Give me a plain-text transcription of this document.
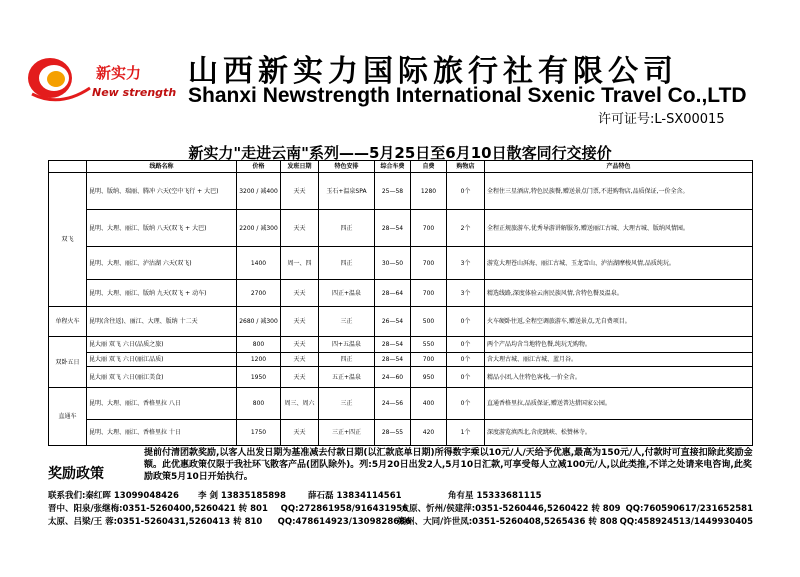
新实力
New strength
山西新实力国际旅行社有限公司
Shanxi Newstrength International Sxenic Travel Co.,LTD
许可证号:L-SX00015
新实力"走进云南"系列——5月25日至6月10日散客同行交接价
	线路名称	价格	发班日期	特色安排	综合车费	自费	购物店	产品特色
双飞	昆明、版纳、瑞丽、腾冲 六天(空中飞行 + 大巴)	3200 / 减400	天天	玉石+温泉SPA	25—58	1280	0个	全程住三星酒店,特色民族餐,赠送景点门票,不进购物店,品质保证,一价全含。
	昆明、大理、丽江、版纳 八天(双飞 + 大巴)	2200 / 减300	天天	四正	28—54	700	2个	全程正规旅游车,优秀导游讲解服务,赠送丽江古城、大理古城、版纳风情园。
	昆明、大理、丽江、泸沽湖 六天(双飞)	1400	周一、四	四正	30—50	700	3个	游览大理苍山洱海、丽江古城、玉龙雪山、泸沽湖摩梭风情,品质纯玩。
	昆明、大理、丽江、版纳 九天(双飞 + 动车)	2700	天天	四正+温泉	28—64	700	3个	精选线路,深度体验云南民族风情,含特色餐及温泉。
单程火车	昆明(含往返)、丽江、大理、版纳 十二天	2680 / 减300	天天	三正	26—54	500	0个	火车硬卧往返,全程空调旅游车,赠送景点,无自费项目。
双卧五日	昆大丽 双飞 六日(品质之旅)	800	天天	四+五温泉	28—54	550	0个	两个产品均含当地特色餐,纯玩无购物。
	昆大丽 双飞 六日(丽江品质)	1200	天天	四正	28—54	700	0个	含大理古城、丽江古城、蓝月谷。
	昆大丽 双飞 六日(丽江美食)	1950	天天	五正+温泉	24—60	950	0个	精品小团,入住特色客栈,一价全含。
直通车	昆明、大理、丽江、香格里拉 八日	800	周三、周六	三正	24—56	400	0个	直通香格里拉,品质保证,赠送普达措国家公园。
	昆明、大理、丽江、香格里拉 十日	1750	天天	三正+四正	28—55	420	1个	深度游览滇西北,含虎跳峡、松赞林寺。
奖励政策
提前付清团款奖励,以客人出发日期为基准减去付款日期(以汇款底单日期)所得数字乘以10元/人/天给予优惠,最高为150元/人,付款时可直接扣除此奖励金额。此优惠政策仅限于我社环飞散客产品(团队除外)。列:5月20日出发2人,5月10日汇款,可享受每人立减100元/人,以此类推,不详之处请来电咨询,此奖励政策5月10日开始执行。
联系我们:秦红晖 13099048426	李 剑 13835185898	薛石磊 13834114561	角有星 15333681115
晋中、阳泉/张继梅:0351-5260400,5260421 转 801	QQ:272861958/916431956
太原、忻州/侯建萍:0351-5260446,5260422 转 809 QQ:760590617/231652581
太原、吕梁/王 蓉:0351-5260431,5260413 转 810	QQ:478614923/1309828686
朔州、大同/许世凤:0351-5260408,5265436 转 808 QQ:458924513/1449930405
